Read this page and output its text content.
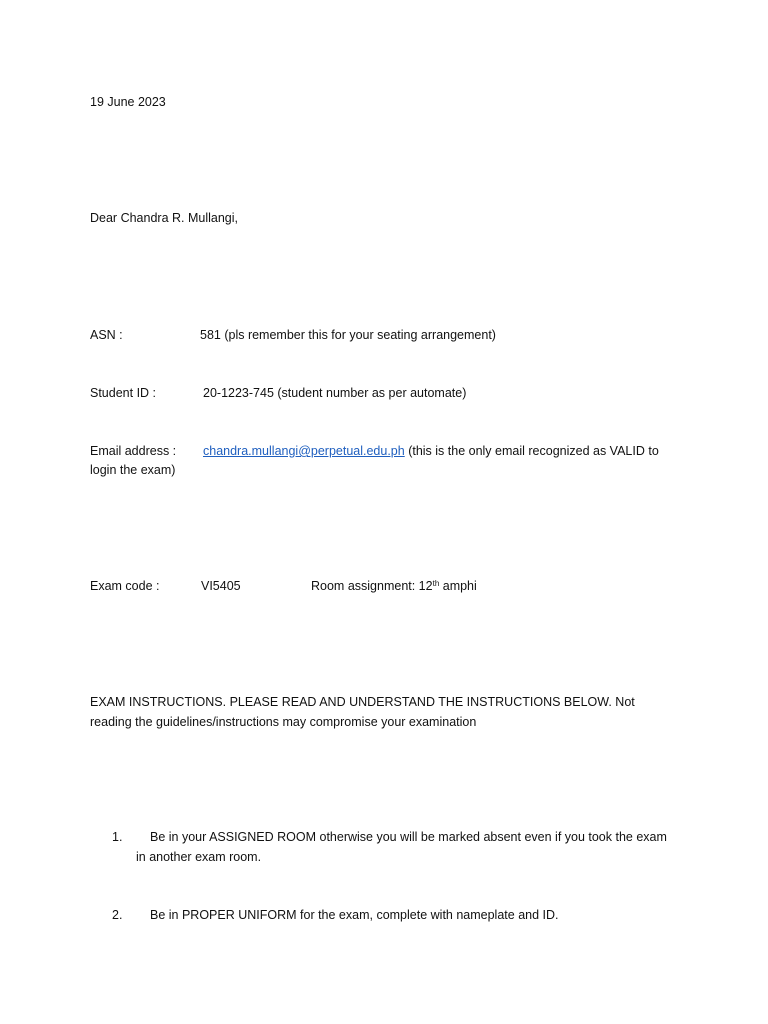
19 June 2023
Dear Chandra R. Mullangi,
ASN :	581 (pls remember this for your seating arrangement)
Student ID :	20-1223-745 (student number as per automate)
Email address : chandra.mullangi@perpetual.edu.ph (this is the only email recognized as VALID to
login the exam)
Exam code :	VI5405	Room assignment: 12th amphi
EXAM INSTRUCTIONS. PLEASE READ AND UNDERSTAND THE INSTRUCTIONS BELOW. Not reading the guidelines/instructions may compromise your examination
1.	Be in your ASSIGNED ROOM otherwise you will be marked absent even if you took the exam in another exam room.
2.	Be in PROPER UNIFORM for the exam, complete with nameplate and ID.
